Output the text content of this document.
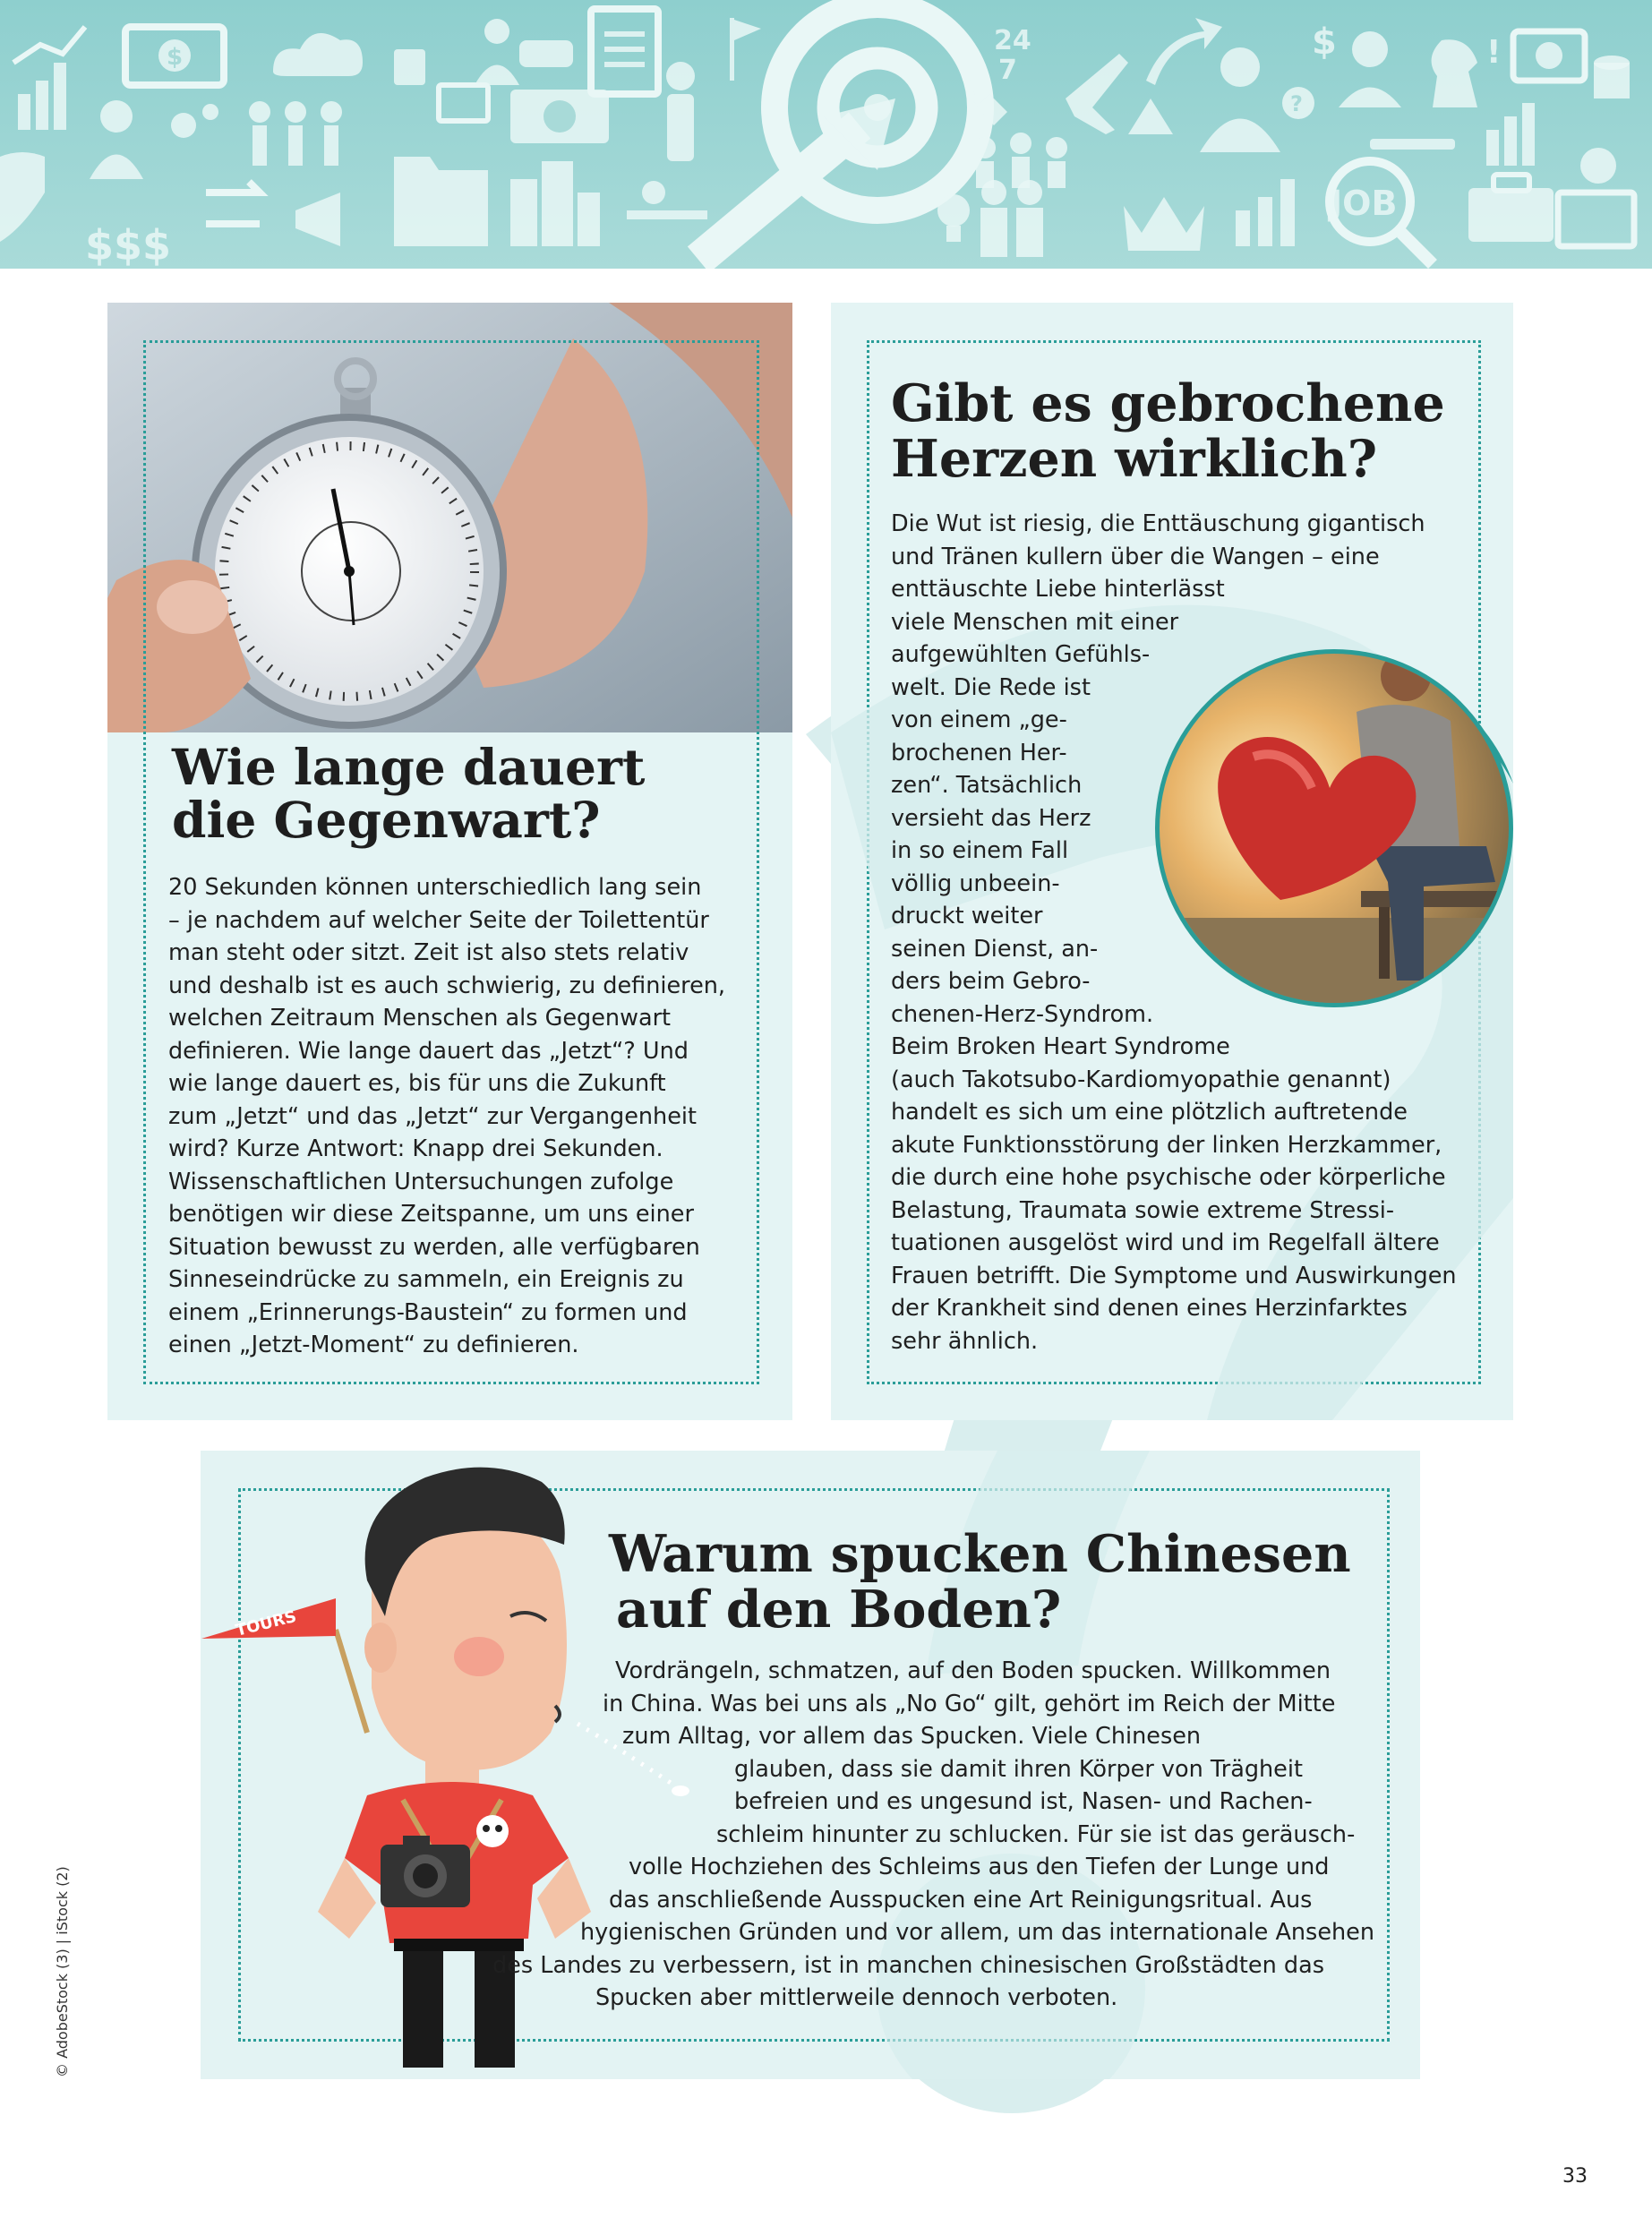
$
$$$
24
7
$
?
!
JOB
Wie lange dauert
die Gegenwart?
20 Sekunden können unterschiedlich lang sein
– je nachdem auf welcher Seite der Toilettentür
man steht oder sitzt. Zeit ist also stets relativ
und deshalb ist es auch schwierig, zu definieren,
welchen Zeitraum Menschen als Gegenwart
definieren. Wie lange dauert das „Jetzt“? Und
wie lange dauert es, bis für uns die Zukunft
zum „Jetzt“ und das „Jetzt“ zur Vergangenheit
wird? Kurze Antwort: Knapp drei Sekunden.
Wissenschaftlichen Untersuchungen zufolge
benötigen wir diese Zeitspanne, um uns einer
Situation bewusst zu werden, alle verfügbaren
Sinneseindrücke zu sammeln, ein Ereignis zu
einem „Erinnerungs-Baustein“ zu formen und
einen „Jetzt-Moment“ zu definieren.
Gibt es gebrochene
Herzen wirklich?
Die Wut ist riesig, die Enttäuschung gigantisch
und Tränen kullern über die Wangen – eine
enttäuschte Liebe hinterlässt
viele Menschen mit einer
aufgewühlten Gefühls-
welt. Die Rede ist
von einem „ge-
brochenen Her-
zen“. Tatsächlich
versieht das Herz
in so einem Fall
völlig unbeein-
druckt weiter
seinen Dienst, an-
ders beim Gebro-
chenen-Herz-Syndrom.
Beim Broken Heart Syndrome
(auch Takotsubo-Kardiomyopathie genannt)
handelt es sich um eine plötzlich auftretende
akute Funktionsstörung der linken Herzkammer,
die durch eine hohe psychische oder körperliche
Belastung, Traumata sowie extreme Stressi-
tuationen ausgelöst wird und im Regelfall ältere
Frauen betrifft. Die Symptome und Auswirkungen
der Krankheit sind denen eines Herzinfarktes
sehr ähnlich.
TOURS
Warum spucken Chinesen
auf den Boden?
Vordrängeln, schmatzen, auf den Boden spucken. Willkommen
in China. Was bei uns als „No Go“ gilt, gehört im Reich der Mitte
zum Alltag, vor allem das Spucken. Viele Chinesen
glauben, dass sie damit ihren Körper von Trägheit
befreien und es ungesund ist, Nasen- und Rachen-
schleim hinunter zu schlucken. Für sie ist das geräusch-
volle Hochziehen des Schleims aus den Tiefen der Lunge und
das anschließende Ausspucken eine Art Reinigungsritual. Aus
hygienischen Gründen und vor allem, um das internationale Ansehen
des Landes zu verbessern, ist in manchen chinesischen Großstädten das
Spucken aber mittlerweile dennoch verboten.
© AdobeStock (3) | iStock (2)
33
